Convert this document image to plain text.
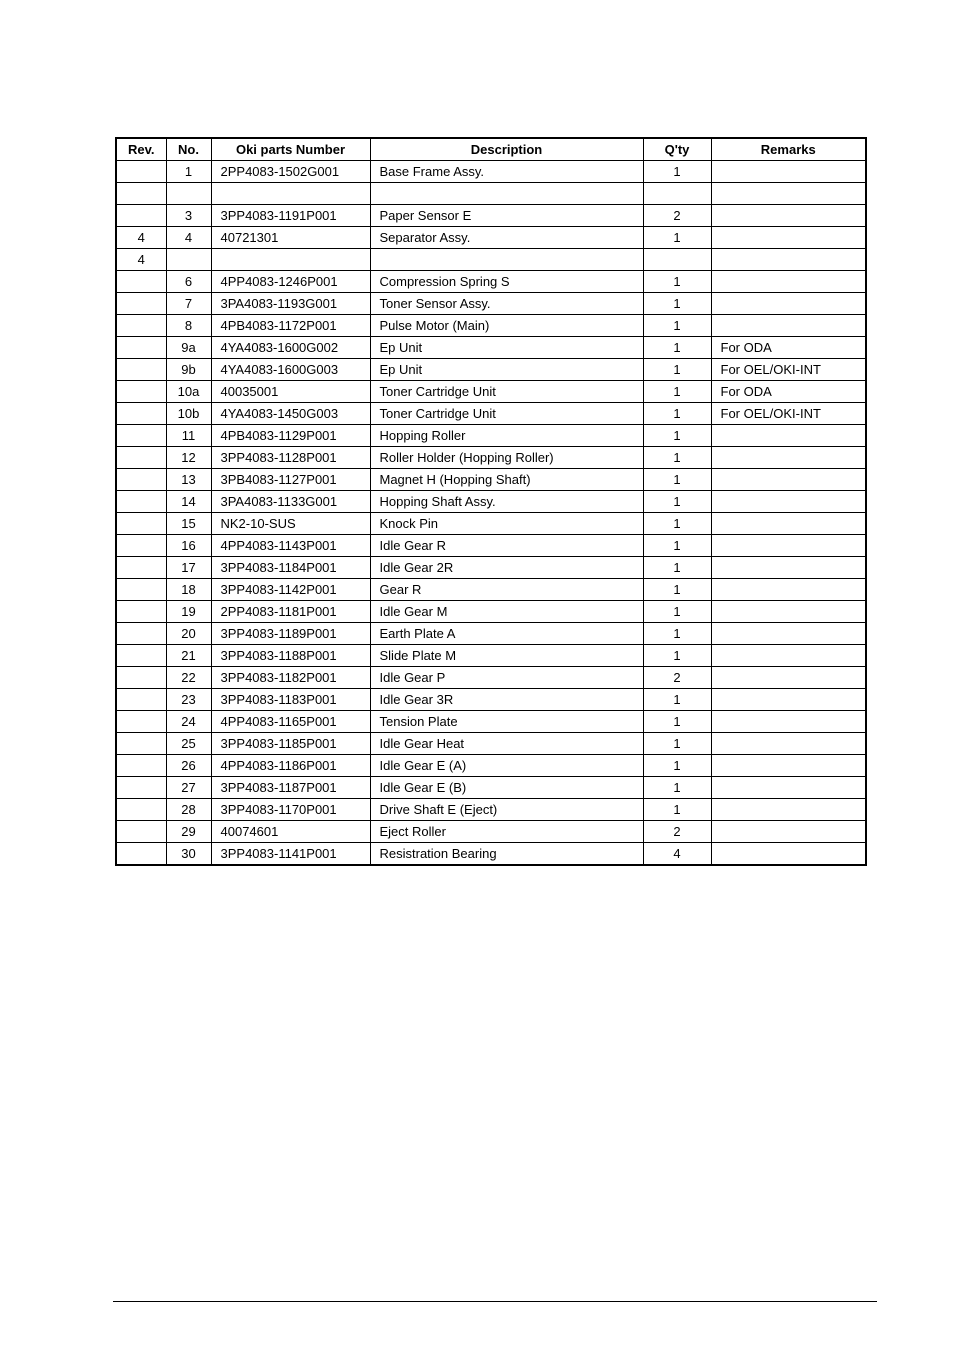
Rev.	No.	Oki parts Number	Description	Q'ty	Remarks
	1	2PP4083-1502G001	Base Frame Assy.	1	

	3	3PP4083-1191P001	Paper Sensor E	2	
4	4	40721301	Separator Assy.	1	
4					
	6	4PP4083-1246P001	Compression Spring S	1	
	7	3PA4083-1193G001	Toner Sensor Assy.	1	
	8	4PB4083-1172P001	Pulse Motor (Main)	1	
	9a	4YA4083-1600G002	Ep Unit	1	For ODA
	9b	4YA4083-1600G003	Ep Unit	1	For OEL/OKI-INT
	10a	40035001	Toner Cartridge Unit	1	For ODA
	10b	4YA4083-1450G003	Toner Cartridge Unit	1	For OEL/OKI-INT
	11	4PB4083-1129P001	Hopping Roller	1	
	12	3PP4083-1128P001	Roller Holder (Hopping Roller)	1	
	13	3PB4083-1127P001	Magnet H (Hopping Shaft)	1	
	14	3PA4083-1133G001	Hopping Shaft Assy.	1	
	15	NK2-10-SUS	Knock Pin	1	
	16	4PP4083-1143P001	Idle Gear R	1	
	17	3PP4083-1184P001	Idle Gear 2R	1	
	18	3PP4083-1142P001	Gear R	1	
	19	2PP4083-1181P001	Idle Gear M	1	
	20	3PP4083-1189P001	Earth Plate A	1	
	21	3PP4083-1188P001	Slide Plate M	1	
	22	3PP4083-1182P001	Idle Gear P	2	
	23	3PP4083-1183P001	Idle Gear 3R	1	
	24	4PP4083-1165P001	Tension Plate	1	
	25	3PP4083-1185P001	Idle Gear Heat	1	
	26	4PP4083-1186P001	Idle Gear E (A)	1	
	27	3PP4083-1187P001	Idle Gear E (B)	1	
	28	3PP4083-1170P001	Drive Shaft E (Eject)	1	
	29	40074601	Eject Roller	2	
	30	3PP4083-1141P001	Resistration Bearing	4	
